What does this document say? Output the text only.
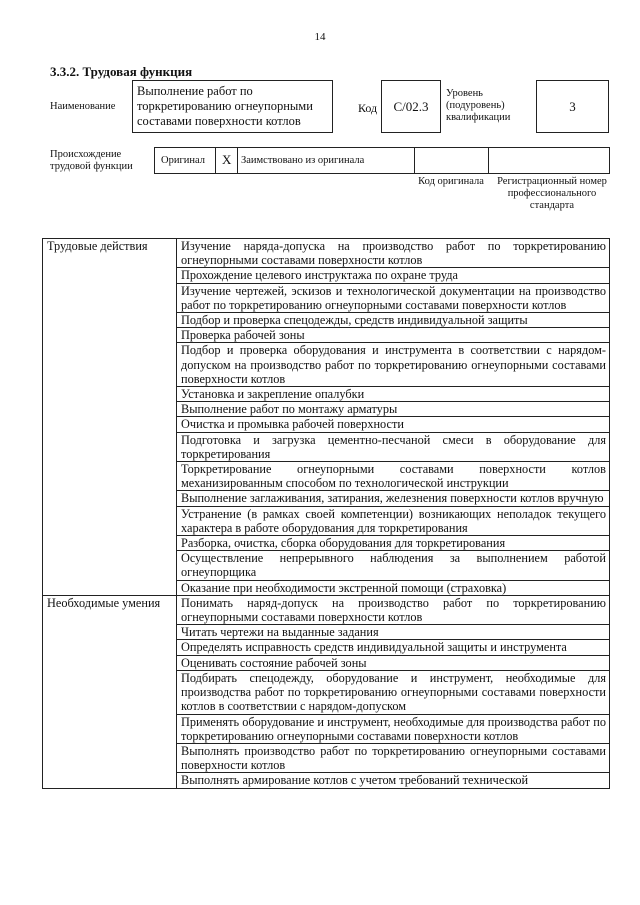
14
3.3.2. Трудовая функция
Наименование
Выполнение работ по торкретированию огнеупорными составами поверхности котлов
Код С/02.3
Уровень (подуровень) квалификации
3
Происхождение трудовой функции
Оригинал X Заимствовано из оригинала
Код оригинала	Регистрационный номер профессионального стандарта
Трудовые действия	Изучение наряда-допуска на производство работ по торкретированию огнеупорными составами поверхности котлов
	Прохождение целевого инструктажа по охране труда
	Изучение чертежей, эскизов и технологической документации на производство работ по торкретированию огнеупорными составами поверхности котлов
	Подбор и проверка спецодежды, средств индивидуальной защиты
	Проверка рабочей зоны
	Подбор и проверка оборудования и инструмента в соответствии с нарядом-допуском на производство работ по торкретированию огнеупорными составами поверхности котлов
	Установка и закрепление опалубки
	Выполнение работ по монтажу арматуры
	Очистка и промывка рабочей поверхности
	Подготовка и загрузка цементно-песчаной смеси в оборудование для торкретирования
	Торкретирование огнеупорными составами поверхности котлов механизированным способом по технологической инструкции
	Выполнение заглаживания, затирания, железнения поверхности котлов вручную
	Устранение (в рамках своей компетенции) возникающих неполадок текущего характера в работе оборудования для торкретирования
	Разборка, очистка, сборка оборудования для торкретирования
	Осуществление непрерывного наблюдения за выполнением работой огнеупорщика
	Оказание при необходимости экстренной помощи (страховка)
Необходимые умения	Понимать наряд-допуск на производство работ по торкретированию огнеупорными составами поверхности котлов
	Читать чертежи на выданные задания
	Определять исправность средств индивидуальной защиты и инструмента
	Оценивать состояние рабочей зоны
	Подбирать спецодежду, оборудование и инструмент, необходимые для производства работ по торкретированию огнеупорными составами поверхности котлов в соответствии с нарядом-допуском
	Применять оборудование и инструмент, необходимые для производства работ по торкретированию огнеупорными составами поверхности котлов
	Выполнять производство работ по торкретированию огнеупорными составами поверхности котлов
	Выполнять армирование котлов с учетом требований технической
